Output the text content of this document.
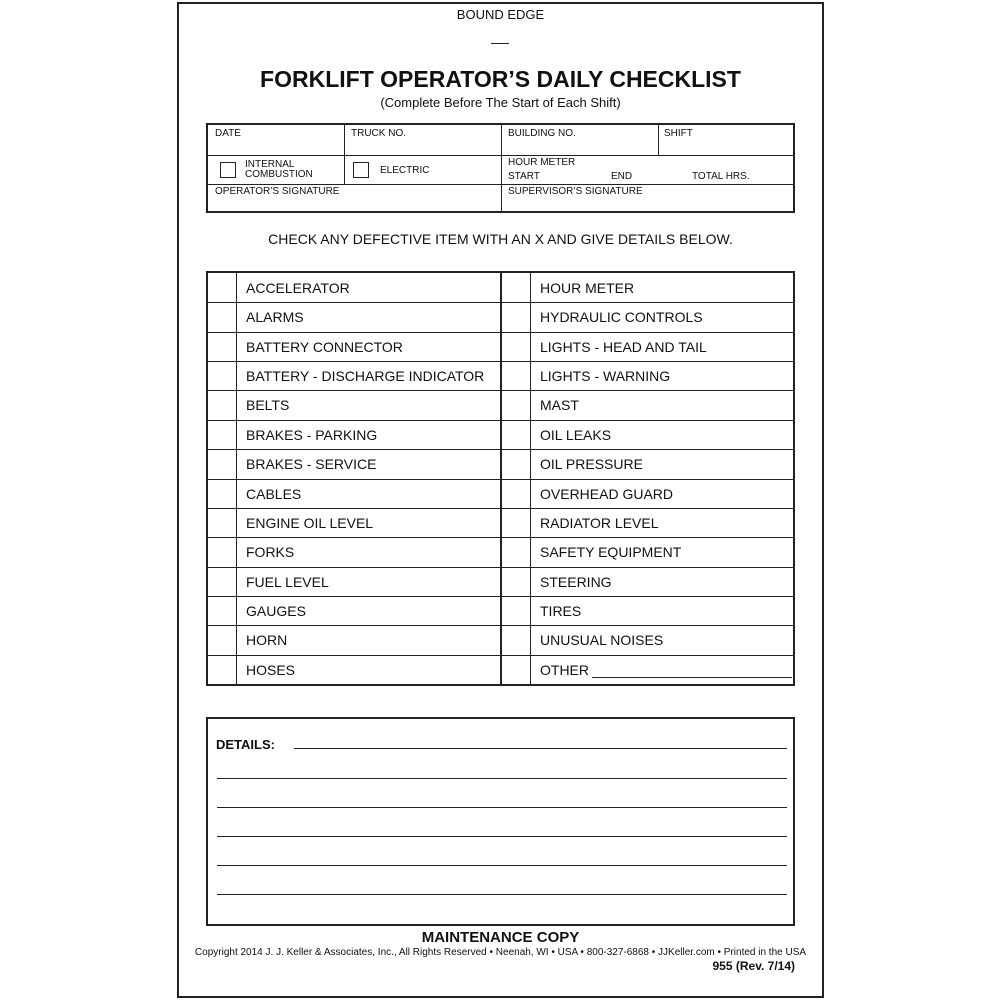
BOUND EDGE
FORKLIFT OPERATOR’S DAILY CHECKLIST
(Complete Before The Start of Each Shift)
DATE	TRUCK NO.	BUILDING NO.	SHIFT
INTERNAL
COMBUSTION	ELECTRIC
HOUR METER
START	END	TOTAL HRS.
OPERATOR’S SIGNATURE	SUPERVISOR’S SIGNATURE
CHECK ANY DEFECTIVE ITEM WITH AN X AND GIVE DETAILS BELOW.
ACCELERATOR	HOUR METER
ALARMS	HYDRAULIC CONTROLS
BATTERY CONNECTOR	LIGHTS - HEAD AND TAIL
BATTERY - DISCHARGE INDICATOR	LIGHTS - WARNING
BELTS	MAST
BRAKES - PARKING	OIL LEAKS
BRAKES - SERVICE	OIL PRESSURE
CABLES	OVERHEAD GUARD
ENGINE OIL LEVEL	RADIATOR LEVEL
FORKS	SAFETY EQUIPMENT
FUEL LEVEL	STEERING
GAUGES	TIRES
HORN	UNUSUAL NOISES
HOSES	OTHER
DETAILS:
MAINTENANCE COPY
Copyright 2014 J. J. Keller & Associates, Inc., All Rights Reserved • Neenah, WI • USA • 800-327-6868 • JJKeller.com • Printed in the USA
955 (Rev. 7/14)
